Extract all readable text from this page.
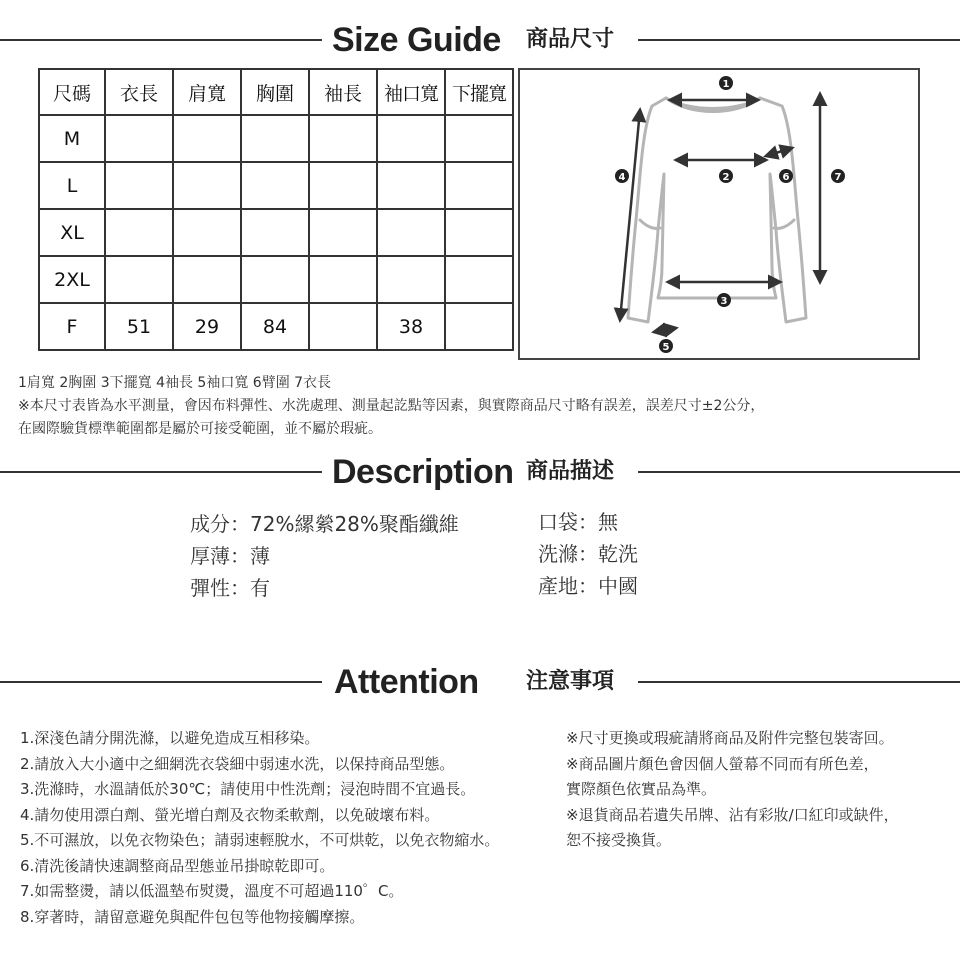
Size Guide 商品尺寸
尺碼	衣長	肩寬	胸圍	袖長	袖口寬	下擺寬
M						
L						
XL						
2XL						
F	51	29	84		38	
1
2
3
4
5
6	7
1肩寬 2胸圍 3下擺寬 4袖長 5袖口寬 6臂圍 7衣長
※本尺寸表皆為水平測量，會因布料彈性、水洗處理、測量起訖點等因素，與實際商品尺寸略有誤差，誤差尺寸±2公分，
在國際驗貨標準範圍都是屬於可接受範圍，並不屬於瑕疵。
Description 商品描述
成分：72%縲縈28%聚酯纖維
厚薄：薄
彈性：有
口袋：無
洗滌：乾洗
產地：中國
Attention 注意事項
1.深淺色請分開洗滌，以避免造成互相移染。
2.請放入大小適中之細網洗衣袋細中弱速水洗，以保持商品型態。
3.洗滌時，水溫請低於30℃；請使用中性洗劑；浸泡時間不宜過長。
4.請勿使用漂白劑、螢光增白劑及衣物柔軟劑，以免破壞布料。
5.不可濕放，以免衣物染色；請弱速輕脫水，不可烘乾，以免衣物縮水。
6.清洗後請快速調整商品型態並吊掛晾乾即可。
7.如需整燙，請以低溫墊布熨燙，溫度不可超過110゜C。
8.穿著時，請留意避免與配件包包等他物接觸摩擦。
※尺寸更換或瑕疵請將商品及附件完整包裝寄回。
※商品圖片顏色會因個人螢幕不同而有所色差，
實際顏色依實品為準。
※退貨商品若遺失吊牌、沾有彩妝/口紅印或缺件，
恕不接受換貨。
